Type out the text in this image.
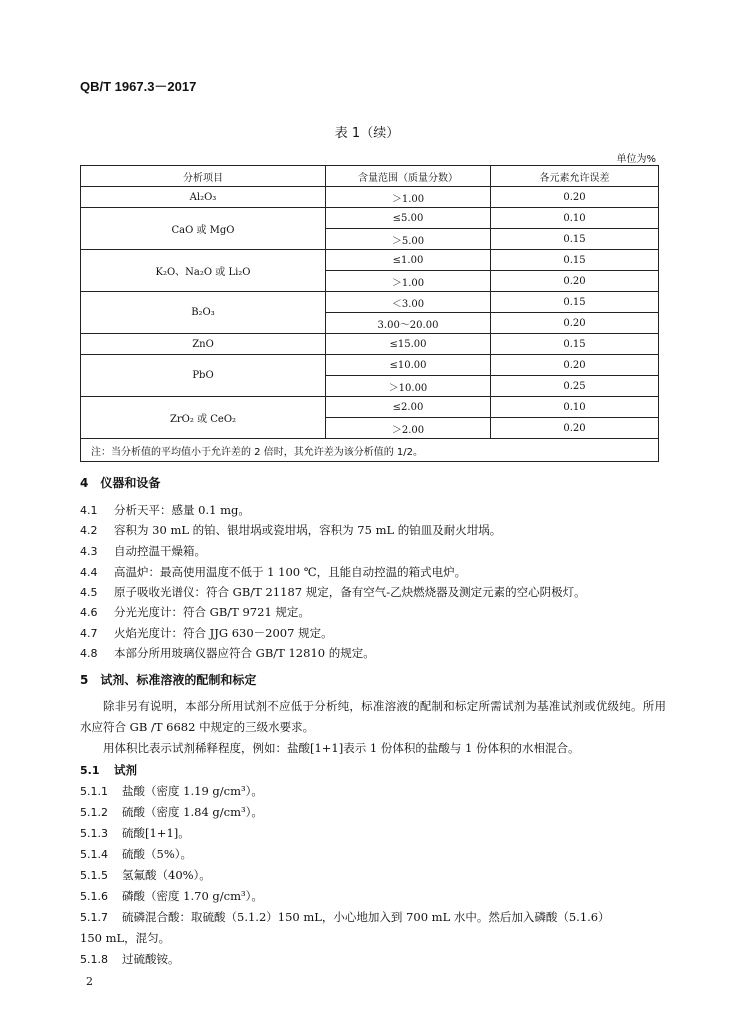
QB/T 1967.3－2017
表 1（续）
单位为%
分析项目	含量范围（质量分数）	各元素允许误差
Al₂O₃	＞1.00	0.20
CaO 或 MgO	≤5.00	0.10
	＞5.00	0.15
K₂O、Na₂O 或 Li₂O	≤1.00	0.15
	＞1.00	0.20
B₂O₃	＜3.00	0.15
	3.00～20.00	0.20
ZnO	≤15.00	0.15
PbO	≤10.00	0.20
	＞10.00	0.25
ZrO₂ 或 CeO₂	≤2.00	0.10
	＞2.00	0.20
注：当分析值的平均值小于允许差的 2 倍时，其允许差为该分析值的 1/2。		
4　仪器和设备
4.1 分析天平：感量 0.1 mg。
4.2 容积为 30 mL 的铂、银坩埚或瓷坩埚，容积为 75 mL 的铂皿及耐火坩埚。
4.3 自动控温干燥箱。
4.4 高温炉：最高使用温度不低于 1 100 ℃，且能自动控温的箱式电炉。
4.5 原子吸收光谱仪：符合 GB/T 21187 规定，备有空气-乙炔燃烧器及测定元素的空心阴极灯。
4.6 分光光度计：符合 GB/T 9721 规定。
4.7 火焰光度计：符合 JJG 630－2007 规定。
4.8 本部分所用玻璃仪器应符合 GB/T 12810 的规定。
5　试剂、标准溶液的配制和标定
除非另有说明，本部分所用试剂不应低于分析纯，标准溶液的配制和标定所需试剂为基准试剂或优级纯。所用水应符合 GB /T 6682 中规定的三级水要求。
用体积比表示试剂稀释程度，例如：盐酸[1+1]表示 1 份体积的盐酸与 1 份体积的水相混合。
5.1 试剂
5.1.1 盐酸（密度 1.19 g/cm³）。
5.1.2 硫酸（密度 1.84 g/cm³）。
5.1.3 硫酸[1+1]。
5.1.4 硫酸（5%）。
5.1.5 氢氟酸（40%）。
5.1.6 磷酸（密度 1.70 g/cm³）。
5.1.7 硫磷混合酸：取硫酸（5.1.2）150 mL，小心地加入到 700 mL 水中。然后加入磷酸（5.1.6）
150 mL，混匀。
5.1.8 过硫酸铵。
2
